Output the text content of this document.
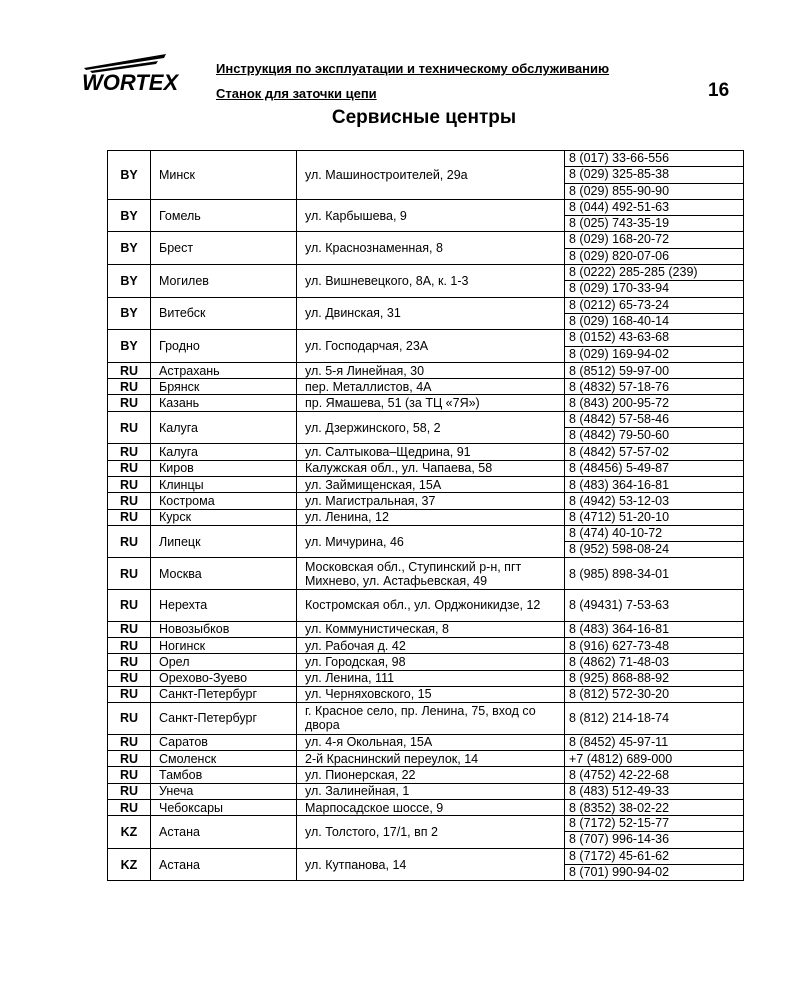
WORTEX
Инструкция по эксплуатации и техническому обслуживанию
Станок для заточки цепи	16
Сервисные центры
BY	Минск	ул. Машиностроителей, 29а	8 (017) 33-66-556
8 (029) 325-85-38
8 (029) 855-90-90

BY	Гомель	ул. Карбышева, 9	8 (044) 492-51-63
8 (025) 743-35-19

BY	Брест	ул. Краснознаменная, 8	8 (029) 168-20-72
8 (029) 820-07-06

BY	Могилев	ул. Вишневецкого, 8А, к. 1-3	8 (0222) 285-285 (239)
8 (029) 170-33-94

BY	Витебск	ул. Двинская, 31	8 (0212) 65-73-24
8 (029) 168-40-14

BY	Гродно	ул. Господарчая, 23А	8 (0152) 43-63-68
8 (029) 169-94-02

RU	Астрахань	ул. 5-я Линейная, 30	8 (8512) 59-97-00
RU	Брянск	пер. Металлистов, 4А	8 (4832) 57-18-76
RU	Казань	пр. Ямашева, 51 (за ТЦ «7Я»)	8 (843) 200-95-72
RU	Калуга	ул. Дзержинского, 58, 2	8 (4842) 57-58-46
8 (4842) 79-50-60

RU	Калуга	ул. Салтыкова–Щедрина, 91	8 (4842) 57-57-02
RU	Киров	Калужская обл., ул. Чапаева, 58	8 (48456) 5-49-87
RU	Клинцы	ул. Займищенская, 15А	8 (483) 364-16-81
RU	Кострома	ул. Магистральная, 37	8 (4942) 53-12-03
RU	Курск	ул. Ленина, 12	8 (4712) 51-20-10
RU	Липецк	ул. Мичурина, 46	8 (474) 40-10-72
8 (952) 598-08-24

RU	Москва	Московская обл., Ступинский р-н, пгт Михнево, ул. Астафьевская, 49	8 (985) 898-34-01
RU	Нерехта	Костромская обл., ул. Орджоникидзе, 12	8 (49431) 7-53-63
RU	Новозыбков	ул. Коммунистическая, 8	8 (483) 364-16-81
RU	Ногинск	ул. Рабочая д. 42	8 (916) 627-73-48
RU	Орел	ул. Городская, 98	8 (4862) 71-48-03
RU	Орехово-Зуево	ул. Ленина, 111	8 (925) 868-88-92
RU	Санкт-Петербург	ул. Черняховского, 15	8 (812) 572-30-20
RU	Санкт-Петербург	г. Красное село, пр. Ленина, 75, вход со двора	8 (812) 214-18-74
RU	Саратов	ул. 4-я Окольная, 15А	8 (8452) 45-97-11
RU	Смоленск	2-й Краснинский переулок, 14	+7 (4812) 689-000
RU	Тамбов	ул. Пионерская, 22	8 (4752) 42-22-68
RU	Унеча	ул. Залинейная, 1	8 (483) 512-49-33
RU	Чебоксары	Марпосадское шоссе, 9	8 (8352) 38-02-22
KZ	Астана	ул. Толстого, 17/1, вп 2	8 (7172) 52-15-77
8 (707) 996-14-36

KZ	Астана	ул. Кутпанова, 14	8 (7172) 45-61-62
8 (701) 990-94-02
